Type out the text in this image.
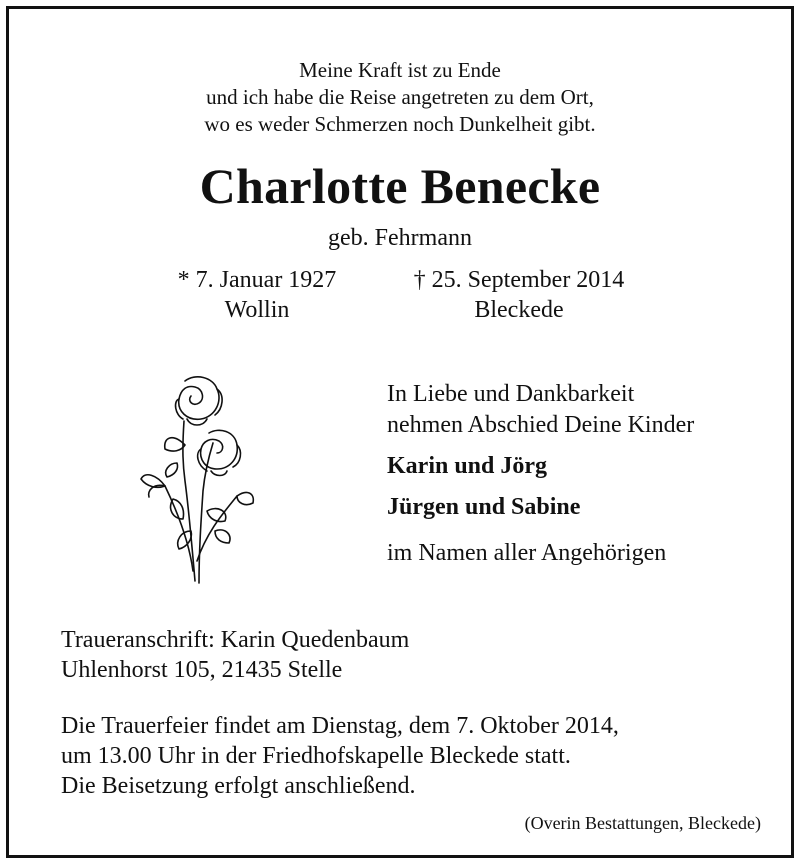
Meine Kraft ist zu Ende
und ich habe die Reise angetreten zu dem Ort,
wo es weder Schmerzen noch Dunkelheit gibt.
Charlotte Benecke
geb. Fehrmann
* 7. Januar 1927
Wollin
† 25. September 2014
Bleckede
In Liebe und Dankbarkeit
nehmen Abschied Deine Kinder
Karin und Jörg
Jürgen und Sabine
im Namen aller Angehörigen
Traueranschrift: Karin Quedenbaum
Uhlenhorst 105, 21435 Stelle
Die Trauerfeier findet am Dienstag, dem 7. Oktober 2014,
um 13.00 Uhr in der Friedhofskapelle Bleckede statt.
Die Beisetzung erfolgt anschließend.
(Overin Bestattungen, Bleckede)
